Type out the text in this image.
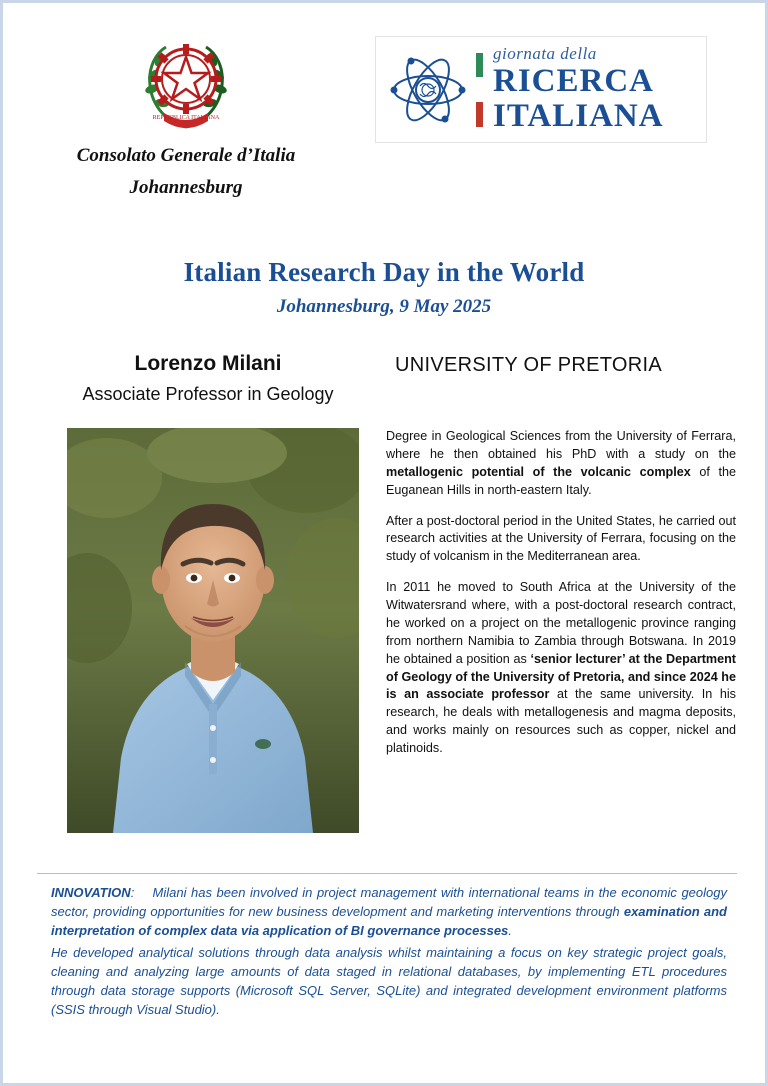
REPVBBLICA ITALIANA
Consolato Generale d’Italia
Johannesburg
giornata della
RICERCA
ITALIANA
Italian Research Day in the World
Johannesburg, 9 May 2025
Lorenzo Milani
Associate Professor in Geology
UNIVERSITY OF PRETORIA

Degree in Geological Sciences from the University of Ferrara, where he then obtained his PhD with a study on the metallogenic potential of the volcanic complex of the Euganean Hills in north-eastern Italy.

After a post-doctoral period in the United States, he carried out research activities at the University of Ferrara, focusing on the study of volcanism in the Mediterranean area.

In 2011 he moved to South Africa at the University of the Witwatersrand where, with a post-doctoral research contract, he worked on a project on the metallogenic province ranging from northern Namibia to Zambia through Botswana. In 2019 he obtained a position as ‘senior lecturer’ at the Department of Geology of the University of Pretoria, and since 2024 he is an associate professor at the same university. In his research, he deals with metallogenesis and magma deposits, and works mainly on resources such as copper, nickel and platinoids.

INNOVATION: Milani has been involved in project management with international teams in the economic geology sector, providing opportunities for new business development and marketing interventions through examination and interpretation of complex data via application of BI governance processes.

He developed analytical solutions through data analysis whilst maintaining a focus on key strategic project goals, cleaning and analyzing large amounts of data staged in relational databases, by implementing ETL procedures through data storage supports (Microsoft SQL Server, SQLite) and integrated development environment platforms (SSIS through Visual Studio).
